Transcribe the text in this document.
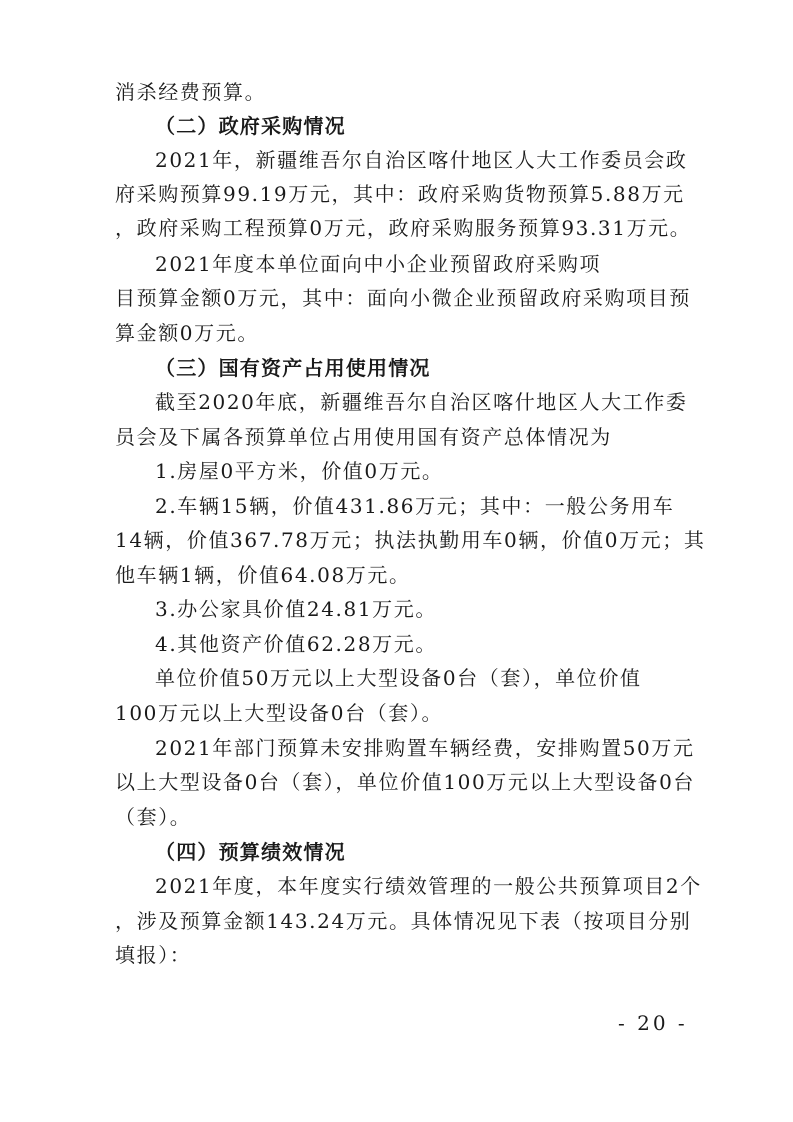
消杀经费预算。
（二）政府采购情况
2021年，新疆维吾尔自治区喀什地区人大工作委员会政
府采购预算99.19万元，其中：政府采购货物预算5.88万元
，政府采购工程预算0万元，政府采购服务预算93.31万元。
2021年度本单位面向中小企业预留政府采购项
目预算金额0万元，其中：面向小微企业预留政府采购项目预
算金额0万元。
（三）国有资产占用使用情况
截至2020年底，新疆维吾尔自治区喀什地区人大工作委
员会及下属各预算单位占用使用国有资产总体情况为
1.房屋0平方米，价值0万元。
2.车辆15辆，价值431.86万元；其中：一般公务用车
14辆，价值367.78万元；执法执勤用车0辆，价值0万元；其
他车辆1辆，价值64.08万元。
3.办公家具价值24.81万元。
4.其他资产价值62.28万元。
单位价值50万元以上大型设备0台（套），单位价值
100万元以上大型设备0台（套）。
2021年部门预算未安排购置车辆经费，安排购置50万元
以上大型设备0台（套），单位价值100万元以上大型设备0台
（套）。
（四）预算绩效情况
2021年度，本年度实行绩效管理的一般公共预算项目2个
，涉及预算金额143.24万元。具体情况见下表（按项目分别
填报）：
- 20 -
